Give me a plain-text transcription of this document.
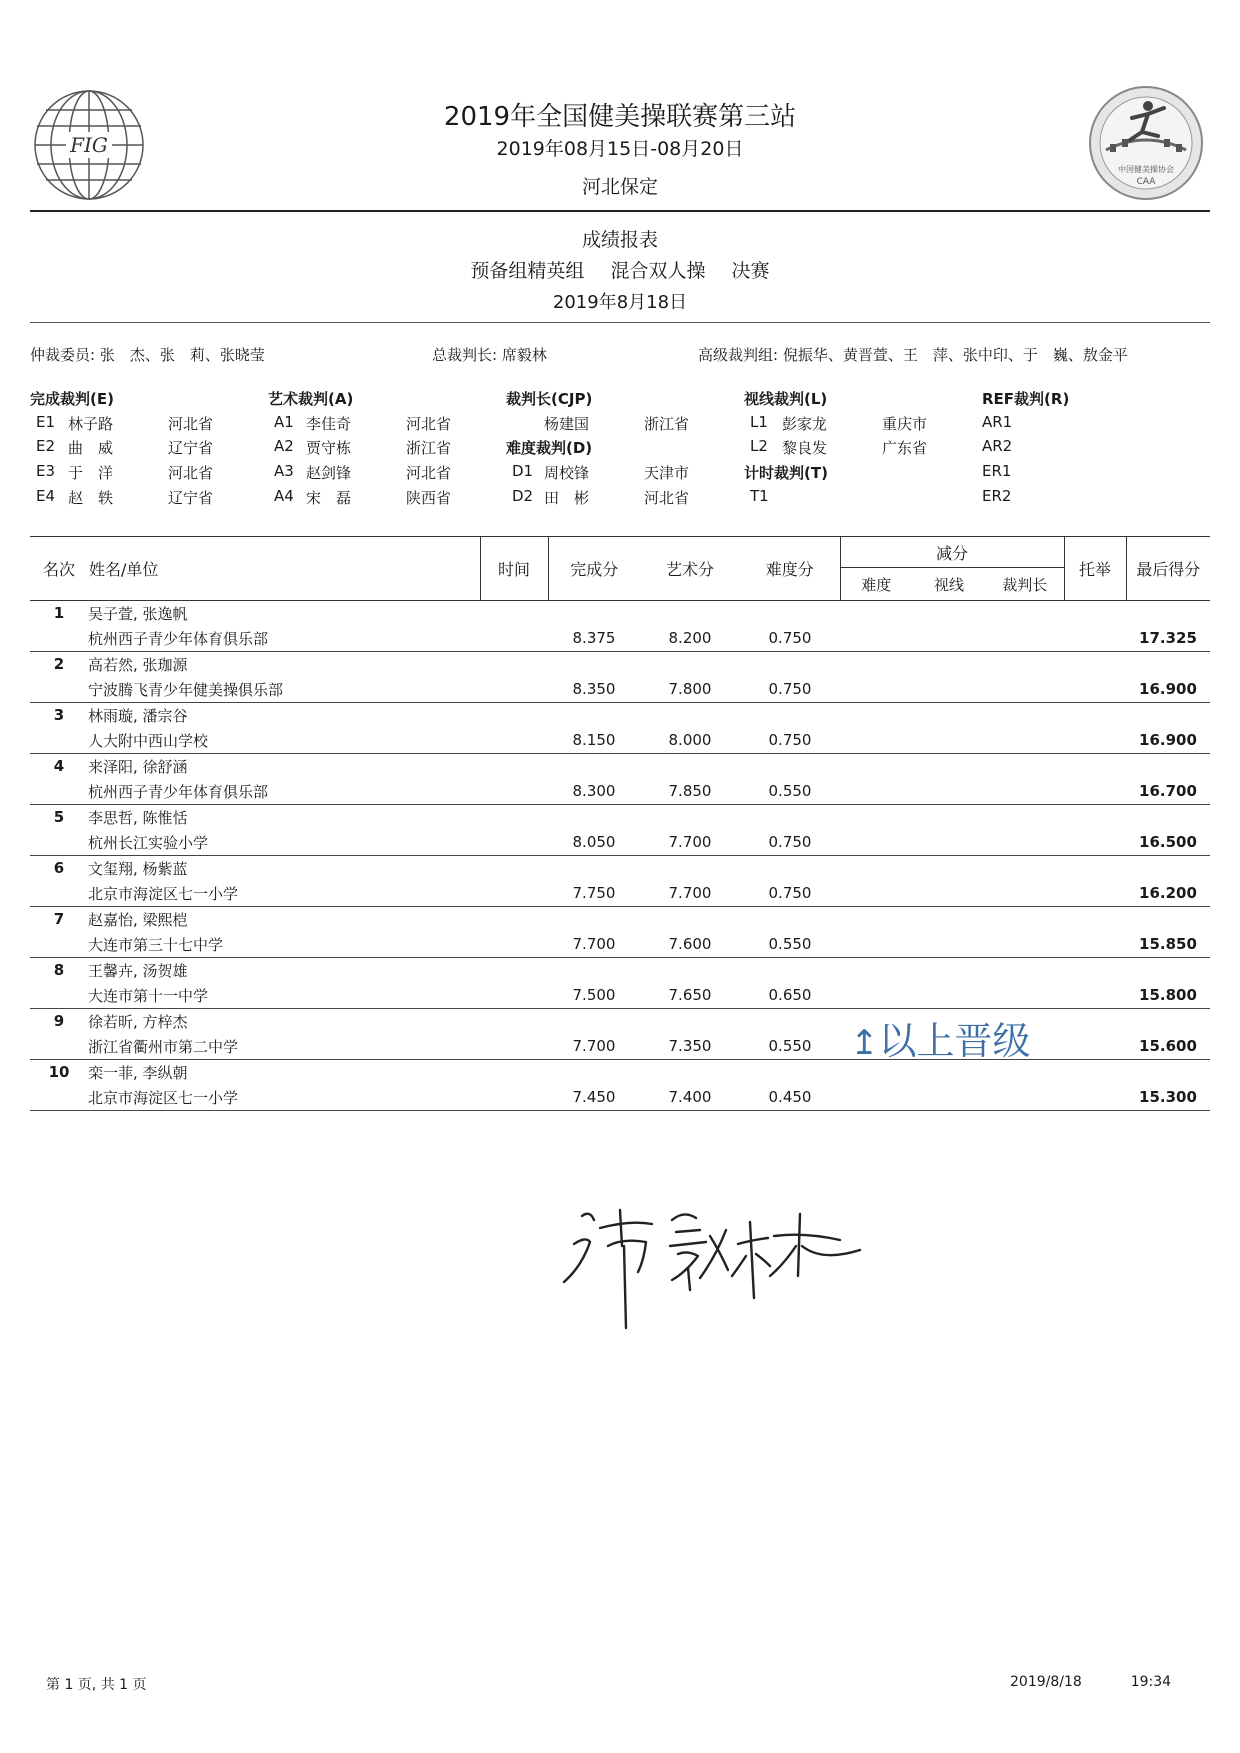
FIG
中国健美操协会
CAA
2019年全国健美操联赛第三站
2019年08月15日-08月20日
河北保定
成绩报表
预备组精英组 混合双人操 决赛
2019年8月18日
仲裁委员: 张　杰、张　莉、张晓莹	总裁判长: 席毅林	高级裁判组: 倪振华、黄晋萱、王　萍、张中印、于　巍、敖金平
完成裁判(E)
E1 林子路	河北省
E2 曲　威	辽宁省
E3 于　洋	河北省
E4 赵　轶	辽宁省
艺术裁判(A)
A1 李佳奇	河北省
A2 贾守栋	浙江省
A3 赵剑锋	河北省
A4 宋　磊	陕西省
裁判长(CJP)
杨建国	浙江省
难度裁判(D)
D1 周校锋	天津市
D2 田　彬	河北省
视线裁判(L)
L1 彭家龙	重庆市
L2 黎良发	广东省
计时裁判(T)
T1
REF裁判(R)
AR1
AR2
ER1
ER2
名次	姓名/单位	时间	完成分	艺术分	难度分	减分			托举	最后得分
						难度	视线	裁判长		
1	吴子萱, 张逸帆									
	杭州西子青少年体育俱乐部		8.375	8.200	0.750					17.325
2	高若然, 张珈源									
	宁波腾飞青少年健美操俱乐部		8.350	7.800	0.750					16.900
3	林雨璇, 潘宗谷									
	人大附中西山学校		8.150	8.000	0.750					16.900
4	来泽阳, 徐舒涵									
	杭州西子青少年体育俱乐部		8.300	7.850	0.550					16.700
5	李思哲, 陈惟恬									
	杭州长江实验小学		8.050	7.700	0.750					16.500
6	文玺翔, 杨紫蓝									
	北京市海淀区七一小学		7.750	7.700	0.750					16.200
7	赵嘉怡, 梁熙桤									
	大连市第三十七中学		7.700	7.600	0.550					15.850
8	王馨卉, 汤贺雄									
	大连市第十一中学		7.500	7.650	0.650					15.800
9	徐若昕, 方梓杰									
	浙江省衢州市第二中学		7.700	7.350	0.550					15.600
10	栾一菲, 李纵朝									
	北京市海淀区七一小学		7.450	7.400	0.450					15.300
↥以上晋级
第 1 页, 共 1 页	2019/8/18	19:34
